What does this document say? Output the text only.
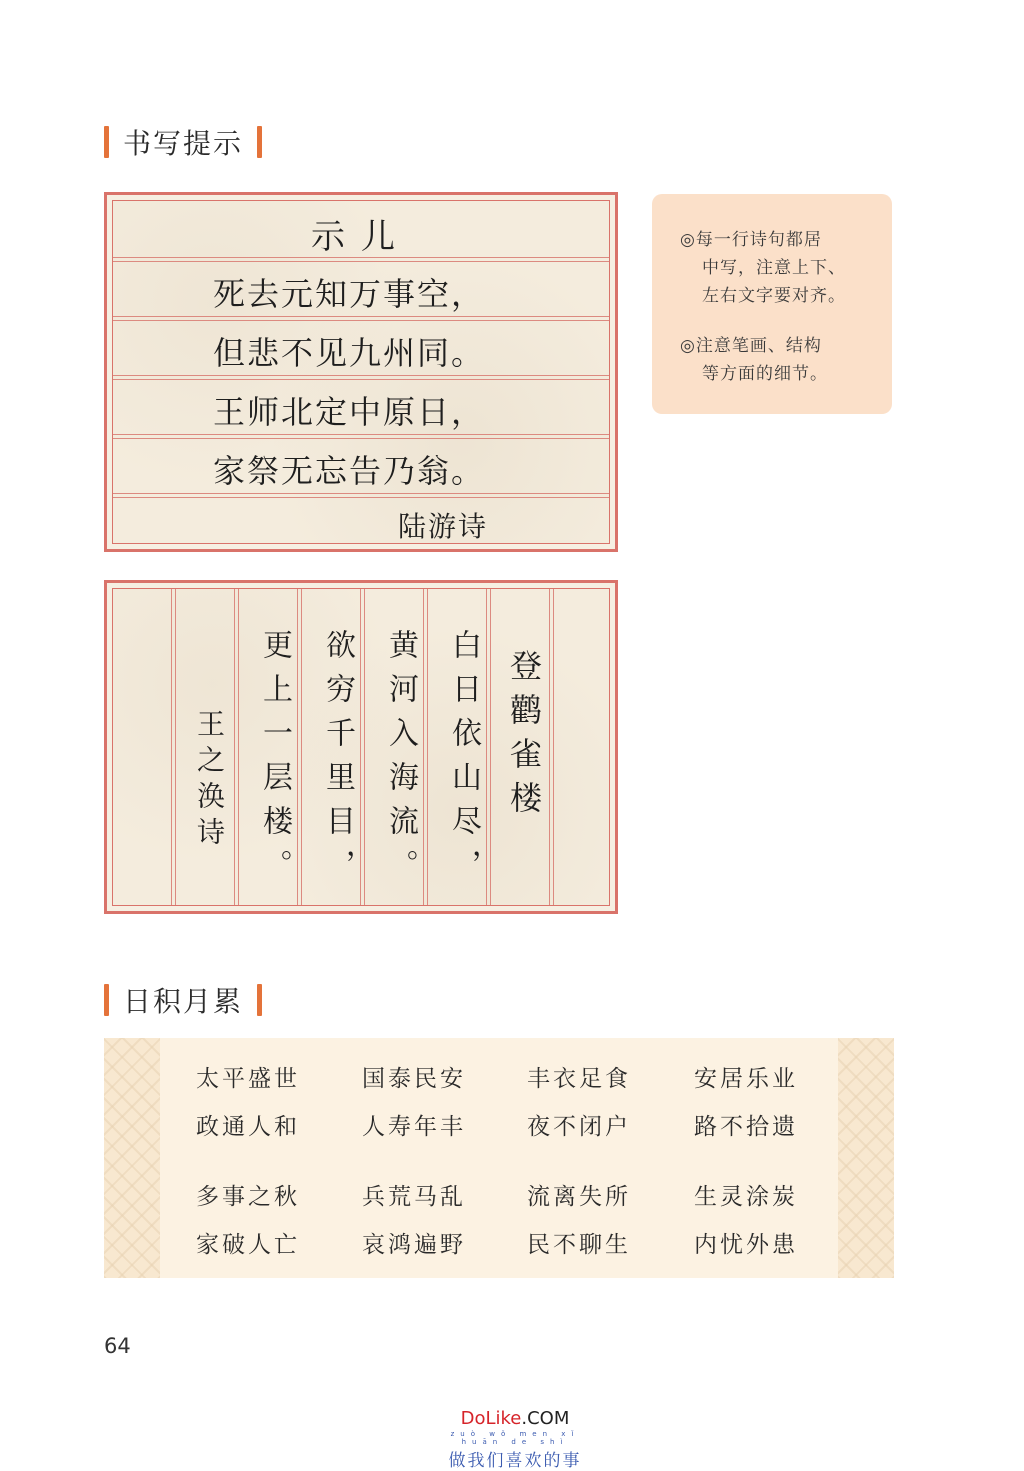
书写提示
示儿
死去元知万事空，
但悲不见九州同。
王师北定中原日，
家祭无忘告乃翁。
陆游诗
◎每一行诗句都居
中写，注意上下、
左右文字要对齐。
◎注意笔画、结构
等方面的细节。
登鹳雀楼
白日依山尽，
黄河入海流。
欲穷千里目，
更上一层楼。
王之涣诗
日积月累
太平盛世	国泰民安	丰衣足食	安居乐业
政通人和	人寿年丰	夜不闭户	路不拾遗
多事之秋	兵荒马乱	流离失所	生灵涂炭
家破人亡	哀鸿遍野	民不聊生	内忧外患
64
DoLike.COM
zuò wǒ men xǐ huān de shì
做我们喜欢的事
